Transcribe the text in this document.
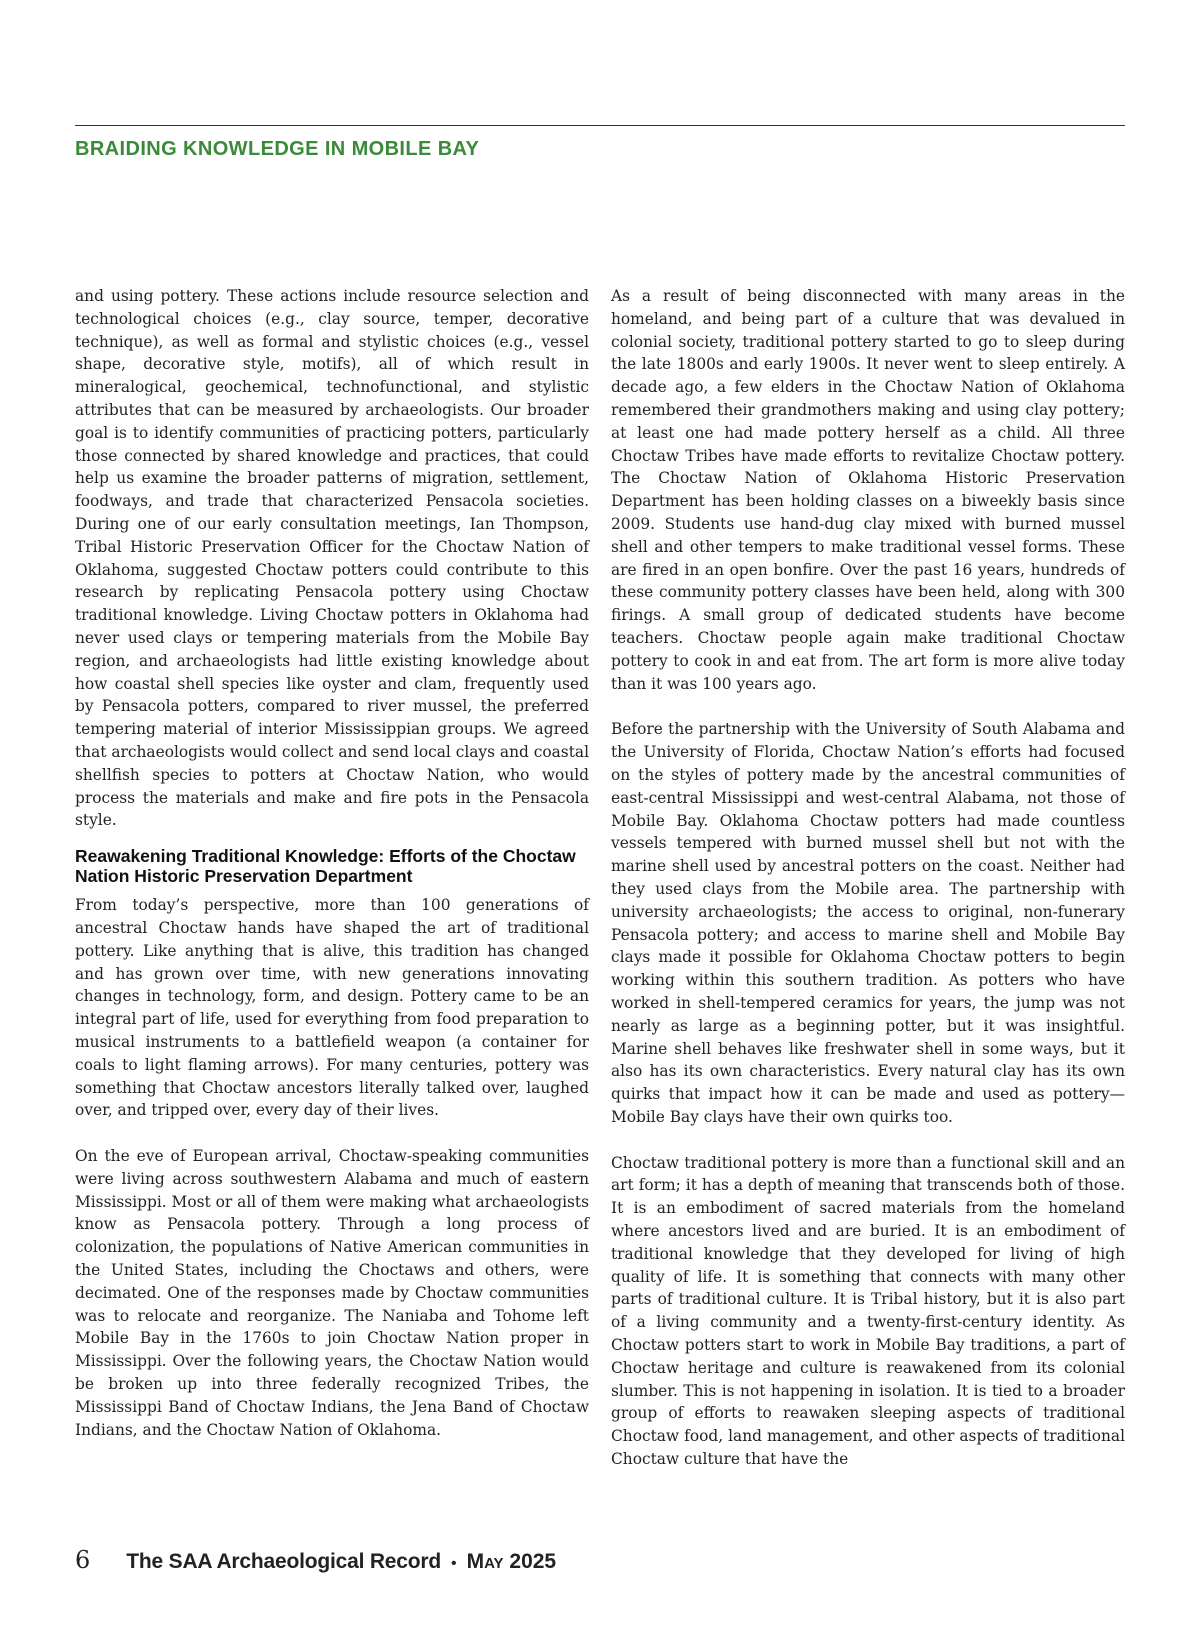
BRAIDING KNOWLEDGE IN MOBILE BAY

and using pottery. These actions include resource selection and technological choices (e.g., clay source, temper, decorative technique), as well as formal and stylistic choices (e.g., vessel shape, decorative style, motifs), all of which result in mineralogical, geochemical, technofunctional, and stylistic attributes that can be measured by archaeologists. Our broader goal is to identify communities of practicing potters, particularly those connected by shared knowledge and practices, that could help us examine the broader patterns of migration, settlement, foodways, and trade that characterized Pensacola societies. During one of our early consultation meetings, Ian Thompson, Tribal Historic Preservation Officer for the Choctaw Nation of Oklahoma, suggested Choctaw potters could contribute to this research by replicating Pensacola pottery using Choctaw traditional knowledge. Living Choctaw potters in Oklahoma had never used clays or tempering materials from the Mobile Bay region, and archaeologists had little existing knowledge about how coastal shell species like oyster and clam, frequently used by Pensacola potters, compared to river mussel, the preferred tempering material of interior Mississippian groups. We agreed that archaeologists would collect and send local clays and coastal shellfish species to potters at Choctaw Nation, who would process the materials and make and fire pots in the Pensacola style.

Reawakening Traditional Knowledge: Efforts of the Choctaw Nation Historic Preservation Department

From today’s perspective, more than 100 generations of ancestral Choctaw hands have shaped the art of traditional pottery. Like anything that is alive, this tradition has changed and has grown over time, with new generations innovating changes in technology, form, and design. Pottery came to be an integral part of life, used for everything from food preparation to musical instruments to a battlefield weapon (a container for coals to light flaming arrows). For many centuries, pottery was something that Choctaw ancestors literally talked over, laughed over, and tripped over, every day of their lives.

On the eve of European arrival, Choctaw-speaking communities were living across southwestern Alabama and much of eastern Mississippi. Most or all of them were making what archaeologists know as Pensacola pottery. Through a long process of colonization, the populations of Native American communities in the United States, including the Choctaws and others, were decimated. One of the responses made by Choctaw communities was to relocate and reorganize. The Naniaba and Tohome left Mobile Bay in the 1760s to join Choctaw Nation proper in Mississippi. Over the following years, the Choctaw Nation would be broken up into three federally recognized Tribes, the Mississippi Band of Choctaw Indians, the Jena Band of Choctaw Indians, and the Choctaw Nation of Oklahoma.

As a result of being disconnected with many areas in the homeland, and being part of a culture that was devalued in colonial society, traditional pottery started to go to sleep during the late 1800s and early 1900s. It never went to sleep entirely. A decade ago, a few elders in the Choctaw Nation of Oklahoma remembered their grandmothers making and using clay pottery; at least one had made pottery herself as a child. All three Choctaw Tribes have made efforts to revitalize Choctaw pottery. The Choctaw Nation of Oklahoma Historic Preservation Department has been holding classes on a biweekly basis since 2009. Students use hand-dug clay mixed with burned mussel shell and other tempers to make traditional vessel forms. These are fired in an open bonfire. Over the past 16 years, hundreds of these community pottery classes have been held, along with 300 firings. A small group of dedicated students have become teachers. Choctaw people again make traditional Choctaw pottery to cook in and eat from. The art form is more alive today than it was 100 years ago.

Before the partnership with the University of South Alabama and the University of Florida, Choctaw Nation’s efforts had focused on the styles of pottery made by the ancestral communities of east-central Mississippi and west-central Alabama, not those of Mobile Bay. Oklahoma Choctaw potters had made countless vessels tempered with burned mussel shell but not with the marine shell used by ancestral potters on the coast. Neither had they used clays from the Mobile area. The partnership with university archaeologists; the access to original, non-funerary Pensacola pottery; and access to marine shell and Mobile Bay clays made it possible for Oklahoma Choctaw potters to begin working within this southern tradition. As potters who have worked in shell-tempered ceramics for years, the jump was not nearly as large as a beginning potter, but it was insightful. Marine shell behaves like freshwater shell in some ways, but it also has its own characteristics. Every natural clay has its own quirks that impact how it can be made and used as pottery—Mobile Bay clays have their own quirks too.

Choctaw traditional pottery is more than a functional skill and an art form; it has a depth of meaning that transcends both of those. It is an embodiment of sacred materials from the homeland where ancestors lived and are buried. It is an embodiment of traditional knowledge that they developed for living of high quality of life. It is something that connects with many other parts of traditional culture. It is Tribal history, but it is also part of a living community and a twenty-first-century identity. As Choctaw potters start to work in Mobile Bay traditions, a part of Choctaw heritage and culture is reawakened from its colonial slumber. This is not happening in isolation. It is tied to a broader group of efforts to reawaken sleeping aspects of traditional Choctaw food, land management, and other aspects of traditional Choctaw culture that have the

6 The SAA Archaeological Record • May 2025
